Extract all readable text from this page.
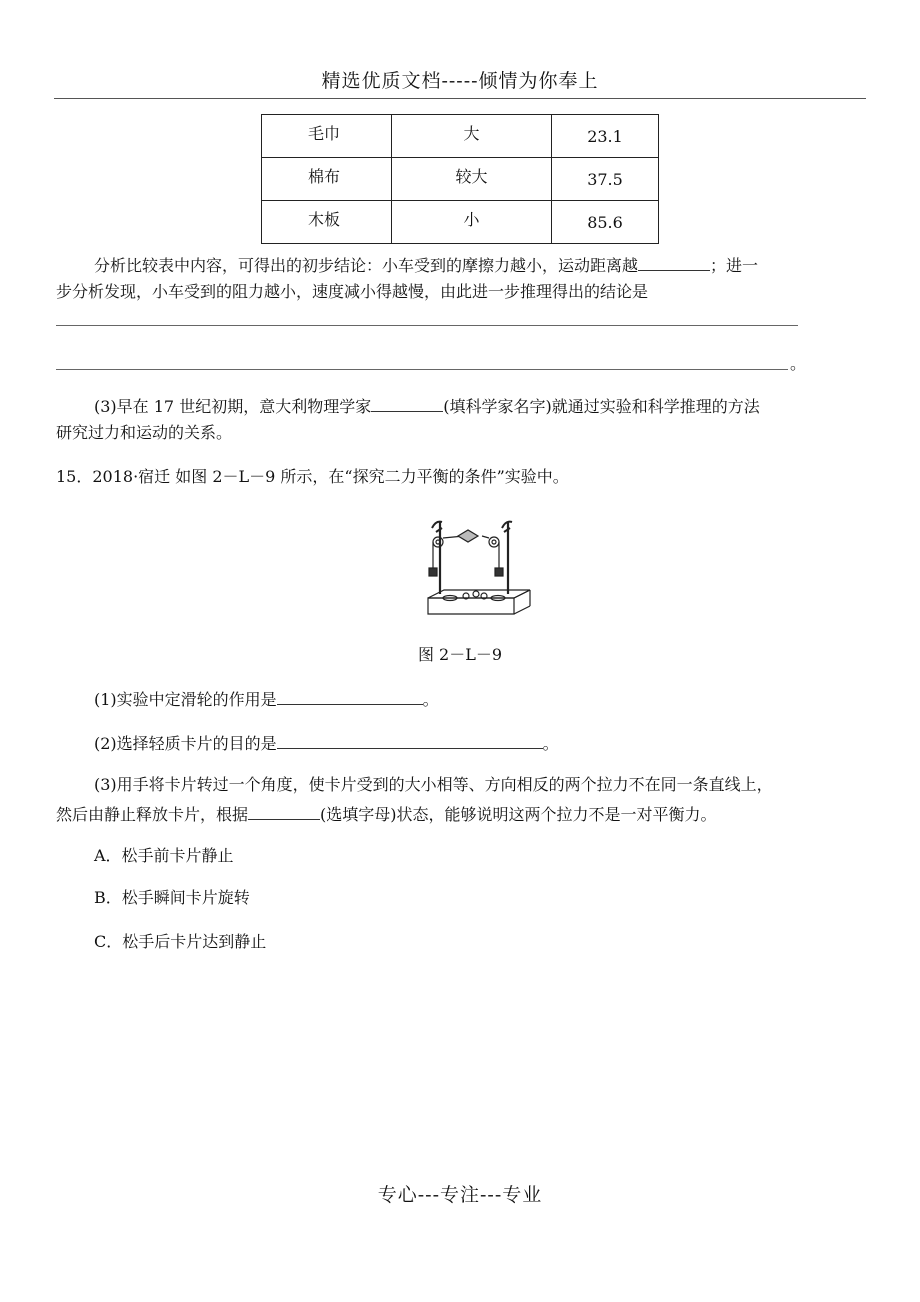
精选优质文档-----倾情为你奉上
毛巾	大	23.1
棉布	较大	37.5
木板	小	85.6
分析比较表中内容，可得出的初步结论：小车受到的摩擦力越小，运动距离越	；进一
步分析发现，小车受到的阻力越小，速度减小得越慢，由此进一步推理得出的结论是
。
(3)早在 17 世纪初期，意大利物理学家	(填科学家名字)就通过实验和科学推理的方法
研究过力和运动的关系。
15．2018·宿迁 如图 2－L－9 所示，在“探究二力平衡的条件”实验中。
图 2－L－9
(1)实验中定滑轮的作用是	。
(2)选择轻质卡片的目的是	。
(3)用手将卡片转过一个角度，使卡片受到的大小相等、方向相反的两个拉力不在同一条直线上，
然后由静止释放卡片，根据	(选填字母)状态，能够说明这两个拉力不是一对平衡力。
A．松手前卡片静止
B．松手瞬间卡片旋转
C．松手后卡片达到静止
专心---专注---专业
